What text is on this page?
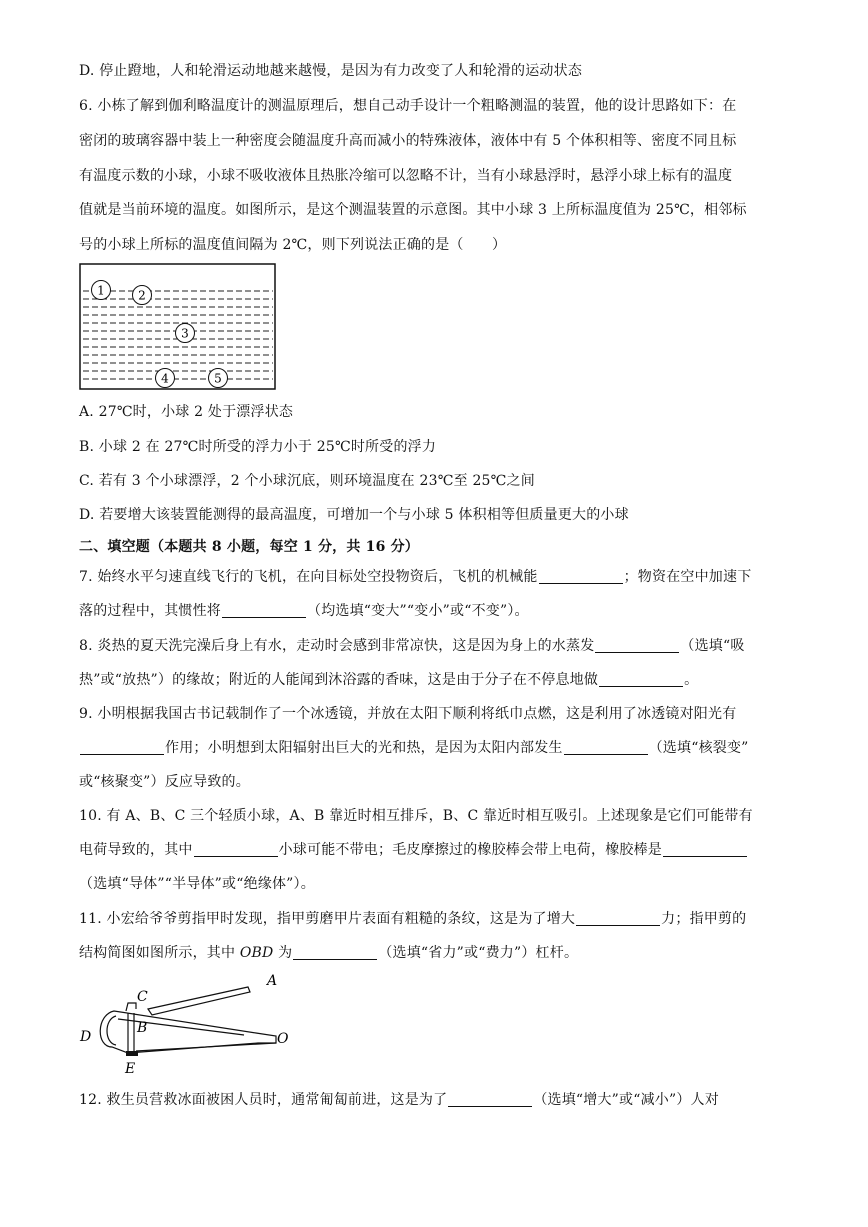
D. 停止蹬地，人和轮滑运动地越来越慢，是因为有力改变了人和轮滑的运动状态
6. 小栋了解到伽利略温度计的测温原理后，想自己动手设计一个粗略测温的装置，他的设计思路如下：在
密闭的玻璃容器中装上一种密度会随温度升高而减小的特殊液体，液体中有 5 个体积相等、密度不同且标
有温度示数的小球，小球不吸收液体且热胀冷缩可以忽略不计，当有小球悬浮时，悬浮小球上标有的温度
值就是当前环境的温度。如图所示，是这个测温装置的示意图。其中小球 3 上所标温度值为 25℃，相邻标
号的小球上所标的温度值间隔为 2℃，则下列说法正确的是（　　）
1	2
3
4	5
A. 27℃时，小球 2 处于漂浮状态
B. 小球 2 在 27℃时所受的浮力小于 25℃时所受的浮力
C. 若有 3 个小球漂浮，2 个小球沉底，则环境温度在 23℃至 25℃之间
D. 若要增大该装置能测得的最高温度，可增加一个与小球 5 体积相等但质量更大的小球
二、填空题（本题共 8 小题，每空 1 分，共 16 分）
7. 始终水平匀速直线飞行的飞机，在向目标处空投物资后，飞机的机械能	；物资在空中加速下
落的过程中，其惯性将	（均选填“变大”“变小”或“不变”）。
8. 炎热的夏天洗完澡后身上有水，走动时会感到非常凉快，这是因为身上的水蒸发	（选填“吸
热”或“放热”）的缘故；附近的人能闻到沐浴露的香味，这是由于分子在不停息地做	。
9. 小明根据我国古书记载制作了一个冰透镜，并放在太阳下顺利将纸巾点燃，这是利用了冰透镜对阳光有
作用；小明想到太阳辐射出巨大的光和热，是因为太阳内部发生	（选填“核裂变”
或“核聚变”）反应导致的。
10. 有 A、B、C 三个轻质小球，A、B 靠近时相互排斥，B、C 靠近时相互吸引。上述现象是它们可能带有
电荷导致的，其中	小球可能不带电；毛皮摩擦过的橡胶棒会带上电荷，橡胶棒是
（选填“导体”“半导体”或“绝缘体”）。
11. 小宏给爷爷剪指甲时发现，指甲剪磨甲片表面有粗糙的条纹，这是为了增大	力；指甲剪的
结构简图如图所示，其中 OBD 为	（选填“省力”或“费力”）杠杆。
A
B
C
D
E
O
12. 救生员营救冰面被困人员时，通常匍匐前进，这是为了	（选填“增大”或“减小”）人对
